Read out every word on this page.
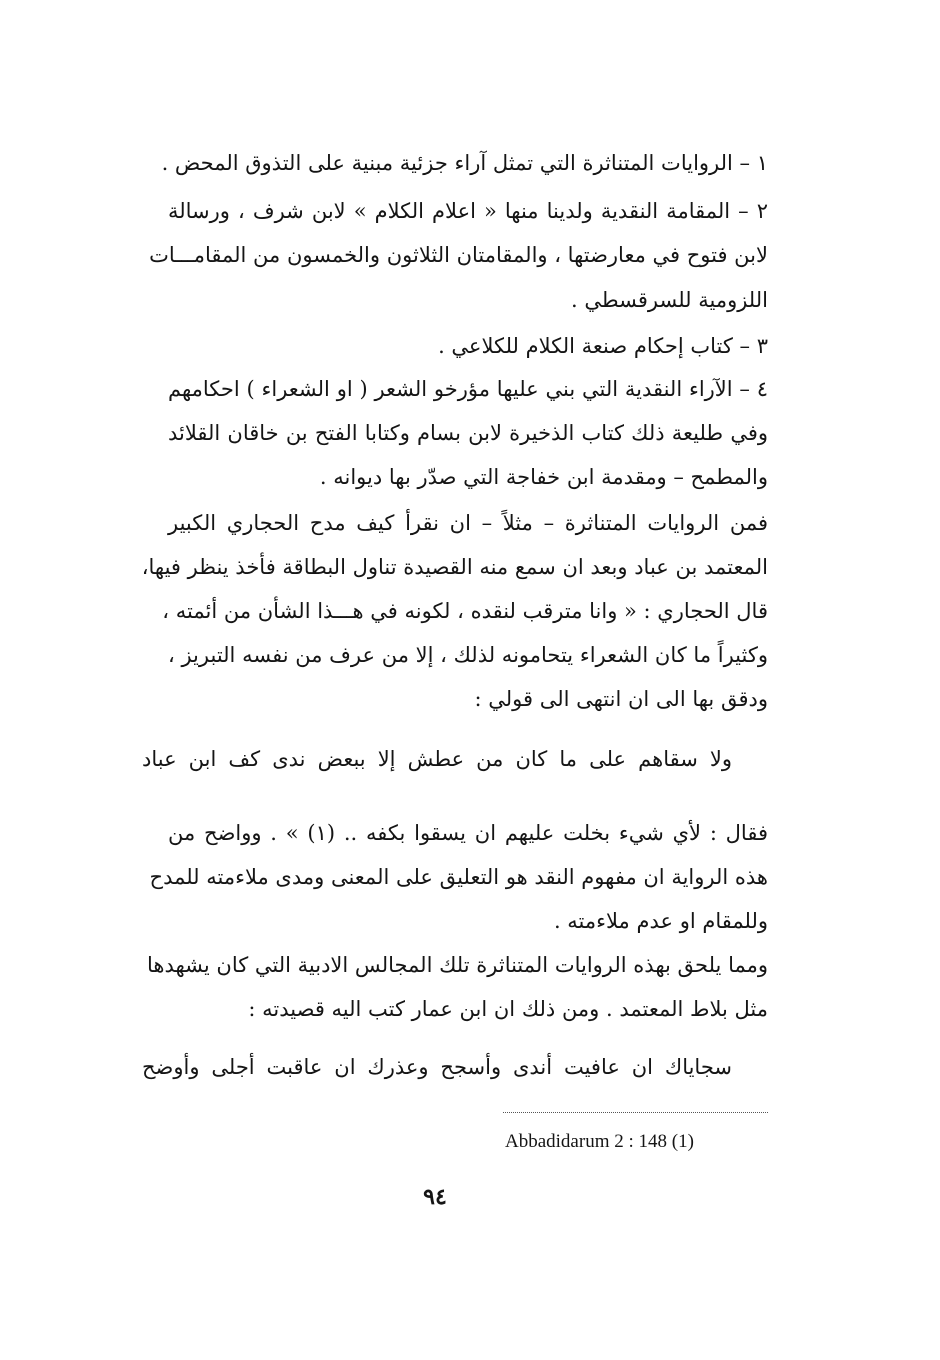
١ – الروايات المتناثرة التي تمثل آراء جزئية مبنية على التذوق المحض .
٢ – المقامة النقدية ولدينا منها « اعلام الكلام » لابن شرف ، ورسالة
لابن فتوح في معارضتها ، والمقامتان الثلاثون والخمسون من المقامـــات
اللزومية للسرقسطي .
٣ – كتاب إحكام صنعة الكلام للكلاعي .
٤ – الآراء النقدية التي بني عليها مؤرخو الشعر ( او الشعراء ) احكامهم
وفي طليعة ذلك كتاب الذخيرة لابن بسام وكتابا الفتح بن خاقان القلائد
والمطمح – ومقدمة ابن خفاجة التي صدّر بها ديوانه .
فمن الروايات المتناثرة – مثلاً – ان نقرأ كيف مدح الحجاري الكبير
المعتمد بن عباد وبعد ان سمع منه القصيدة تناول البطاقة فأخذ ينظر فيها،
قال الحجاري : « وانا مترقب لنقده ، لكونه في هـــذا الشأن من أئمته ،
وكثيراً ما كان الشعراء يتحامونه لذلك ، إلا من عرف من نفسه التبريز ،
ودقق بها الى ان انتهى الى قولي :
ولا سقاهم على ما كان من عطش إلا ببعض ندى كف ابن عباد
فقال : لأي شيء بخلت عليهم ان يسقوا بكفه .. (١) » . وواضح من
هذه الرواية ان مفهوم النقد هو التعليق على المعنى ومدى ملاءمته للمدح
وللمقام او عدم ملاءمته .
ومما يلحق بهذه الروايات المتناثرة تلك المجالس الادبية التي كان يشهدها
مثل بلاط المعتمد . ومن ذلك ان ابن عمار كتب اليه قصيدته :
سجاياك ان عافيت أندى وأسجح وعذرك ان عاقبت أجلى وأوضح
Abbadidarum 2 : 148 (1)
٩٤
